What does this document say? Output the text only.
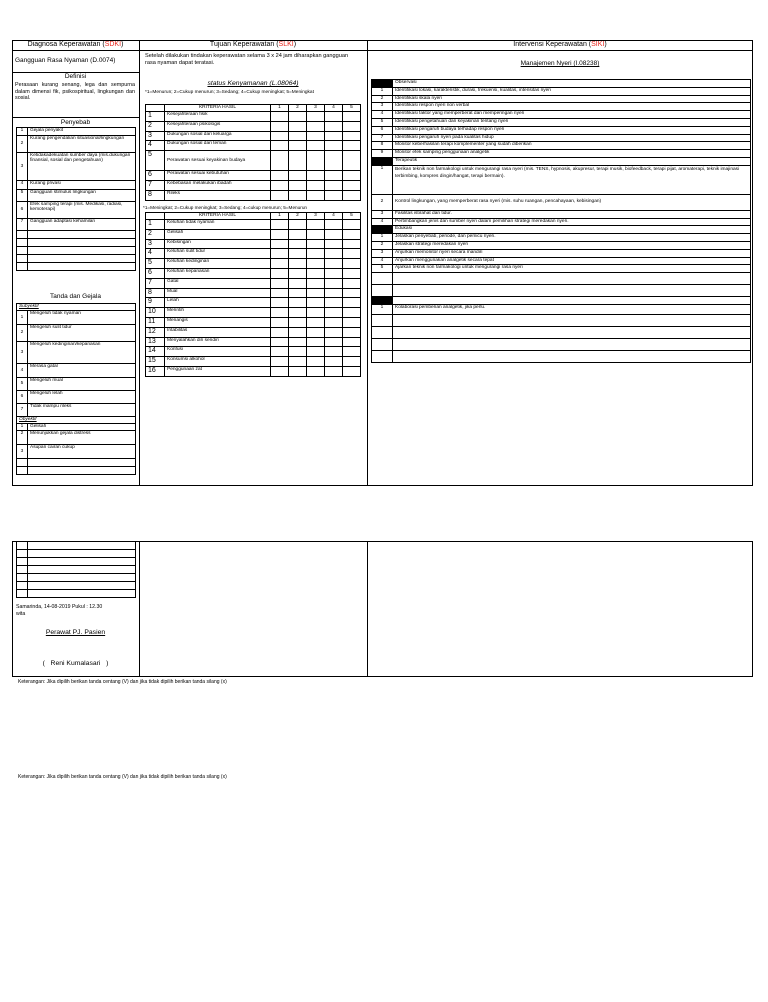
Diagnosa Keperawatan (SDKI)	Tujuan Keperawatan (SLKI)	Intervensi Keperawatan (SIKI)
Gangguan Rasa Nyaman (D.0074)
Definisi
Perasaan kurang senang, lega dan sempurna dalam dimensi fik, psikospiritual, lingkungan dan sosial.
Penyebab
1	Gejala penyakit
2	Kurang pengendalian situasional/lingkungan
3	Ketidakadekuatan sumber daya (mis.dukungan finansial, sosial dan pengetahuan)
4	Kurang privasi
5	Gangguan stimulus lingkungan
6	Efek samping terapi (mis. Medikasi, radiasi, kemoterapi)
7	Gangguan adaptasi kehamilan

Tanda dan Gejala
Subyektif	
1	Mengeluh tidak nyaman
2	Mengeluh sulit tidur
3	Mengeluh kedinginan/kepanasan
4	Merasa gatal
5	Mengeluh mual
6	Mengeluh lelah
7	Tidak mampu rileks
Obyektif	
1	Gelisah
2	Menunjukkan gejala distress
3	Asupan cairan cukup

Setelah dilakukan tindakan keperawatan selama 3 x 24 jam diharapkan gangguan rasa nyaman dapat teratasi.
status Kenyamanan (L.08064)
*1=Menurun; 2=Cukup menurun; 3=Sedang; 4=Cukup meningkat; 5=Meningkat
	KRITERIA HASIL	1	2	3	4	5
1	Kesejahteraan fisik					
2	Kesejahteraan psikologis					
3	Dukungan sosial dari keluarga					
4	Dukungan sosial dari teman					
5	Perawatan sesuai keyakinan budaya					
6	Perawatan sesuai kebutuhan					
7	Kebebasan melakukan ibadah					
8	Rileks					
*1=Meningkat; 2=Cukup meningkat; 3=Sedang; 4=cukup menurun; 5=Menurun
	KRITERIA HASIL	1	2	3	4	5
1	Keluhan tidak nyaman					
2	Gelisah					
3	Kebisingan					
4	Keluhan sulit tidur					
5	Keluhan kedinginan					
6	Keluhan kepanasan					
7	Gatal					
8	Mual					
9	Lelah					
10	Merintih					
11	Menangis					
12	Iritabilitas					
13	Menyalahkan diri sendiri					
14	Konfusi					
15	Konsumsi alkohol					
16	Penggunaan zat					
Manajemen Nyeri (I.08238)
	Observasi
1	Identifikasi lokasi, karakteristik, durasi, frekuensi, kualitas, intensitas nyeri
2	Identifikasi skala nyeri
3	Identifikasi respon nyeri non verbal
4	Identifikasi faktor yang memperberat dan memperingan nyeri
5	Identifikasi pengetahuan dan keyakinan tentang nyeri
6	Identifikasi pengaruh budaya terhadap respon nyeri
7	Identifikasi pengaruh nyeri pada kualitas hidup
8	Monitor keberhasilan terapi komplementer yang sudah diberikan
9	Monitor efek samping penggunaan analgetik
	Terapeutik
1	Berikan teknik non farmakologi untuk mengurangi rasa nyeri (mis. TENS, hypnosis, akupresur, terapi musik, biofeedback, terapi pijat, aromaterapi, teknik imajinasi terbimbing, kompres dingin/hangat, terapi bermain).
2	Kontrol lingkungan, yang memperberat rasa nyeri (mis. suhu ruangan, pencahayaan, kebisingan)
3	Fasilitas istirahat dan tidur.
4	Pertimbangkan jenis dan sumber nyeri dalam pemilihan strategi meredakan nyeri.
	Edukasi
1	Jelaskan penyebab, periode, dan pemicu nyeri.
2	Jelaskan strategi meredakan nyeri
3	Anjurkan memonitor nyeri secara mandiri
4	Anjurkan menggunakan analgetik secara tepat
5	Ajarkan teknik non farmakologi untuk mengurangi rasa nyeri

1	Kolaborasi pemberian analgetik, jika perlu.

Samarinda, 14-08-2019 Pukul : 12.30
wita
Perawat PJ. Pasien
(   Reni Kumalasari   )
Keterangan: Jika dipilih berikan tanda centang (V) dan jika tidak dipilih berikan tanda silang (x)
Keterangan: Jika dipilih berikan tanda centang (V) dan jika tidak dipilih berikan tanda silang (x)
